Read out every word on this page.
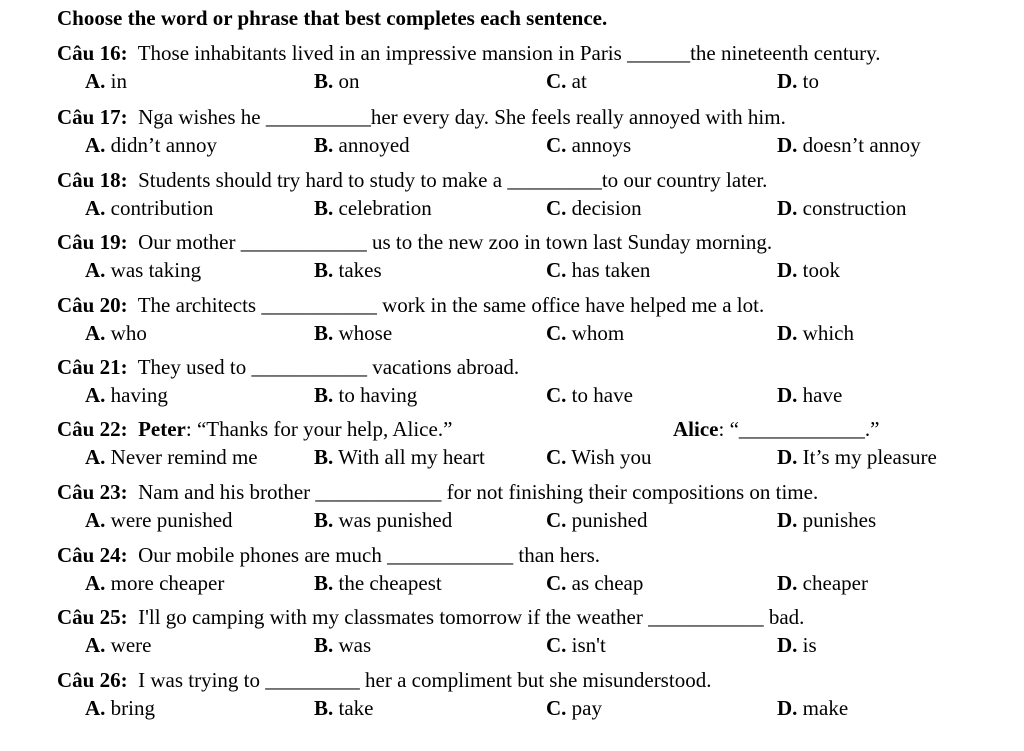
Choose the word or phrase that best completes each sentence.
Câu 16: Those inhabitants lived in an impressive mansion in Paris ______the nineteenth century.
A. in	B. on	C. at	D. to
Câu 17: Nga wishes he __________her every day. She feels really annoyed with him.
A. didn’t annoy	B. annoyed	C. annoys	D. doesn’t annoy
Câu 18: Students should try hard to study to make a _________to our country later.
A. contribution	B. celebration	C. decision	D. construction
Câu 19: Our mother ____________ us to the new zoo in town last Sunday morning.
A. was taking	B. takes	C. has taken	D. took
Câu 20: The architects ___________ work in the same office have helped me a lot.
A. who	B. whose	C. whom	D. which
Câu 21: They used to ___________ vacations abroad.
A. having	B. to having	C. to have	D. have
Câu 22: Peter: “Thanks for your help, Alice.”	Alice: “____________.”
A. Never remind me	B. With all my heart	C. Wish you	D. It’s my pleasure
Câu 23: Nam and his brother ____________ for not finishing their compositions on time.
A. were punished	B. was punished	C. punished	D. punishes
Câu 24:  Our mobile phones are much ____________ than hers.
A. more cheaper	B. the cheapest	C. as cheap	D. cheaper
Câu 25: I'll go camping with my classmates tomorrow if the weather ___________ bad.
A. were	B. was	C. isn't	D. is
Câu 26: I was trying to _________ her a compliment but she misunderstood.
A. bring	B. take	C. pay	D. make
